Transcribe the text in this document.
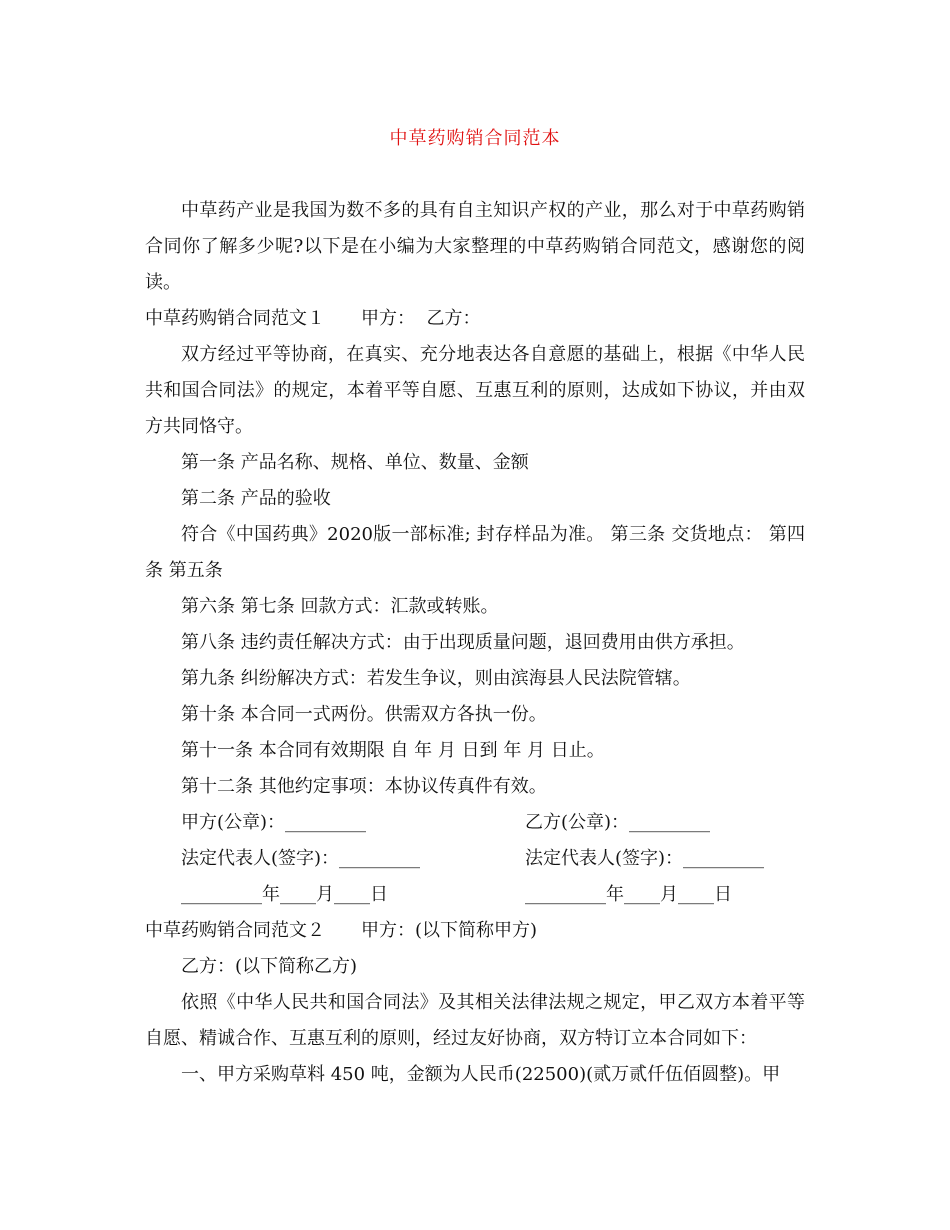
中草药购销合同范本

中草药产业是我国为数不多的具有自主知识产权的产业，那么对于中草药购销合同你了解多少呢?以下是在小编为大家整理的中草药购销合同范文，感谢您的阅读。

中草药购销合同范文１　　甲方：  乙方：

双方经过平等协商，在真实、充分地表达各自意愿的基础上，根据《中华人民共和国合同法》的规定，本着平等自愿、互惠互利的原则，达成如下协议，并由双方共同恪守。

第一条 产品名称、规格、单位、数量、金额

第二条 产品的验收

符合《中国药典》2020版一部标准; 封存样品为准。 第三条 交货地点： 第四条 第五条

第六条 第七条 回款方式：汇款或转账。

第八条 违约责任解决方式：由于出现质量问题，退回费用由供方承担。

第九条 纠纷解决方式：若发生争议，则由滨海县人民法院管辖。

第十条 本合同一式两份。供需双方各执一份。

第十一条 本合同有效期限 自 年 月 日到 年 月 日止。

第十二条 其他约定事项：本协议传真件有效。

甲方(公章)：_________	乙方(公章)：_________
法定代表人(签字)：_________	法定代表人(签字)：_________
_________年____月____日	_________年____月____日

中草药购销合同范文２　　甲方：(以下简称甲方)

乙方：(以下简称乙方)

依照《中华人民共和国合同法》及其相关法律法规之规定，甲乙双方本着平等自愿、精诚合作、互惠互利的原则，经过友好协商，双方特订立本合同如下：

一、甲方采购草料 450 吨，金额为人民币(22500)(贰万贰仟伍佰圆整)。甲
